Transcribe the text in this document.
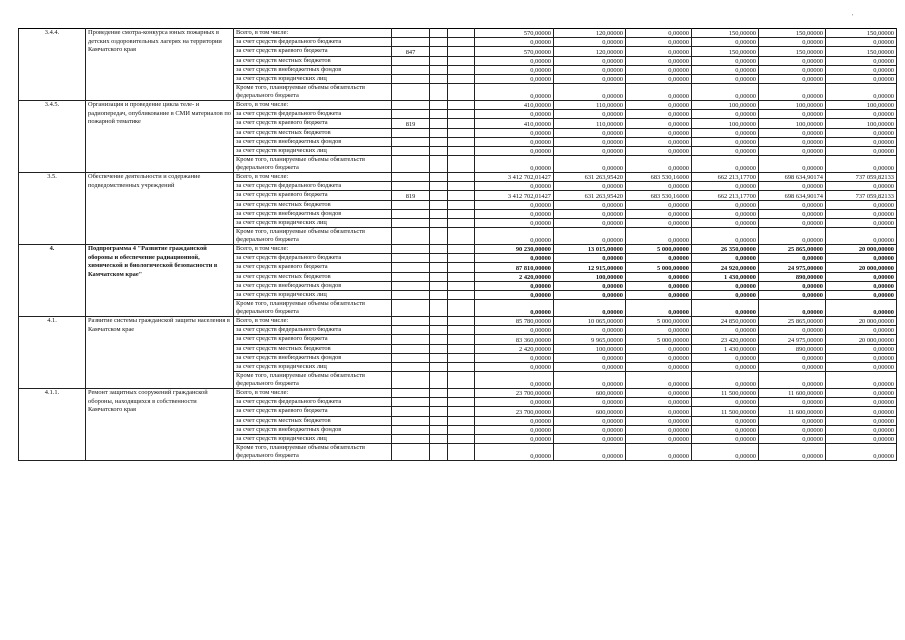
'
3.4.4.	Проведение смотра-конкурса юных пожарных в детских оздоровительных лагерях на территории Камчатского края	Всего, в том числе:				570,00000	120,00000	0,00000	150,00000	150,00000	150,00000
		за счет средств федерального бюджета				0,00000	0,00000	0,00000	0,00000	0,00000	0,00000
		за счет средств краевого бюджета	847			570,00000	120,00000	0,00000	150,00000	150,00000	150,00000
		за счет средств местных бюджетов				0,00000	0,00000	0,00000	0,00000	0,00000	0,00000
		за счет средств внебюджетных фондов				0,00000	0,00000	0,00000	0,00000	0,00000	0,00000
		за счет средств юридических лиц				0,00000	0,00000	0,00000	0,00000	0,00000	0,00000
		Кроме того, планируемые объемы обязательств федерального бюджета				0,00000	0,00000	0,00000	0,00000	0,00000	0,00000
3.4.5.	Организация и проведение цикла теле- и радиопередач, опубликование в СМИ материалов по пожарной тематике	Всего, в том числе:				410,00000	110,00000	0,00000	100,00000	100,00000	100,00000
		за счет средств федерального бюджета				0,00000	0,00000	0,00000	0,00000	0,00000	0,00000
		за счет средств краевого бюджета	819			410,00000	110,00000	0,00000	100,00000	100,00000	100,00000
		за счет средств местных бюджетов				0,00000	0,00000	0,00000	0,00000	0,00000	0,00000
		за счет средств внебюджетных фондов				0,00000	0,00000	0,00000	0,00000	0,00000	0,00000
		за счет средств юридических лиц				0,00000	0,00000	0,00000	0,00000	0,00000	0,00000
		Кроме того, планируемые объемы обязательств федерального бюджета				0,00000	0,00000	0,00000	0,00000	0,00000	0,00000
3.5.	Обеспечение деятельности и содержание подведомственных учреждений	Всего, в том числе:				3 412 702,01427	631 263,95420	683 530,16000	662 213,17700	698 634,90174	737 059,82133
		за счет средств федерального бюджета				0,00000	0,00000	0,00000	0,00000	0,00000	0,00000
		за счет средств краевого бюджета	819			3 412 702,01427	631 263,95420	683 530,16000	662 213,17700	698 634,90174	737 059,82133
		за счет средств местных бюджетов				0,00000	0,00000	0,00000	0,00000	0,00000	0,00000
		за счет средств внебюджетных фондов				0,00000	0,00000	0,00000	0,00000	0,00000	0,00000
		за счет средств юридических лиц				0,00000	0,00000	0,00000	0,00000	0,00000	0,00000
		Кроме того, планируемые объемы обязательств федерального бюджета				0,00000	0,00000	0,00000	0,00000	0,00000	0,00000
4.	Подпрограмма 4 "Развитие гражданской обороны и обеспечение радиационной, химической и биологической безопасности в Камчатском крае"	Всего, в том числе:				90 230,00000	13 015,00000	5 000,00000	26 350,00000	25 865,00000	20 000,00000
		за счет средств федерального бюджета				0,00000	0,00000	0,00000	0,00000	0,00000	0,00000
		за счет средств краевого бюджета				87 810,00000	12 915,00000	5 000,00000	24 920,00000	24 975,00000	20 000,00000
		за счет средств местных бюджетов				2 420,00000	100,00000	0,00000	1 430,00000	890,00000	0,00000
		за счет средств внебюджетных фондов				0,00000	0,00000	0,00000	0,00000	0,00000	0,00000
		за счет средств юридических лиц				0,00000	0,00000	0,00000	0,00000	0,00000	0,00000
		Кроме того, планируемые объемы обязательств федерального бюджета				0,00000	0,00000	0,00000	0,00000	0,00000	0,00000
4.1.	Развитие системы гражданской защиты населения в Камчатском крае	Всего, в том числе:				85 780,00000	10 065,00000	5 000,00000	24 850,00000	25 865,00000	20 000,00000
		за счет средств федерального бюджета				0,00000	0,00000	0,00000	0,00000	0,00000	0,00000
		за счет средств краевого бюджета				83 360,00000	9 965,00000	5 000,00000	23 420,00000	24 975,00000	20 000,00000
		за счет средств местных бюджетов				2 420,00000	100,00000	0,00000	1 430,00000	890,00000	0,00000
		за счет средств внебюджетных фондов				0,00000	0,00000	0,00000	0,00000	0,00000	0,00000
		за счет средств юридических лиц				0,00000	0,00000	0,00000	0,00000	0,00000	0,00000
		Кроме того, планируемые объемы обязательств федерального бюджета				0,00000	0,00000	0,00000	0,00000	0,00000	0,00000
4.1.1.	Ремонт защитных сооружений гражданской обороны, находящихся в собственности Камчатского края	Всего, в том числе:				23 700,00000	600,00000	0,00000	11 500,00000	11 600,00000	0,00000
		за счет средств федерального бюджета				0,00000	0,00000	0,00000	0,00000	0,00000	0,00000
		за счет средств краевого бюджета				23 700,00000	600,00000	0,00000	11 500,00000	11 600,00000	0,00000
		за счет средств местных бюджетов				0,00000	0,00000	0,00000	0,00000	0,00000	0,00000
		за счет средств внебюджетных фондов				0,00000	0,00000	0,00000	0,00000	0,00000	0,00000
		за счет средств юридических лиц				0,00000	0,00000	0,00000	0,00000	0,00000	0,00000
		Кроме того, планируемые объемы обязательств федерального бюджета				0,00000	0,00000	0,00000	0,00000	0,00000	0,00000
